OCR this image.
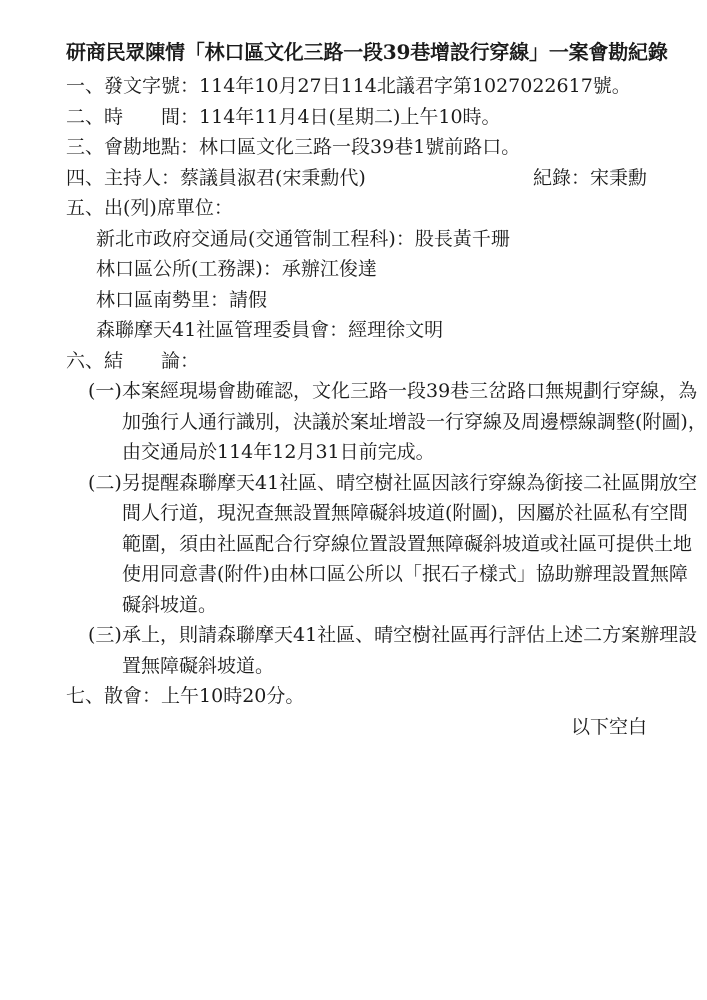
研商民眾陳情「林口區文化三路一段39巷增設行穿線」一案會勘紀錄

一、發文字號：114年10月27日114北議君字第1027022617號。

二、時　　間：114年11月4日(星期二)上午10時。

三、會勘地點：林口區文化三路一段39巷1號前路口。

四、主持人：蔡議員淑君(宋秉勳代)	紀錄：宋秉勳

五、出(列)席單位：

新北市政府交通局(交通管制工程科)：股長黃千珊

林口區公所(工務課)：承辦江俊達

林口區南勢里：請假

森聯摩天41社區管理委員會：經理徐文明

六、結　　論：

(一)本案經現場會勘確認，文化三路一段39巷三岔路口無規劃行穿線，為

加強行人通行識別，決議於案址增設一行穿線及周邊標線調整(附圖)，

由交通局於114年12月31日前完成。

(二)另提醒森聯摩天41社區、晴空樹社區因該行穿線為銜接二社區開放空

間人行道，現況查無設置無障礙斜坡道(附圖)，因屬於社區私有空間

範圍，須由社區配合行穿線位置設置無障礙斜坡道或社區可提供土地

使用同意書(附件)由林口區公所以「抿石子樣式」協助辦理設置無障

礙斜坡道。

(三)承上，則請森聯摩天41社區、晴空樹社區再行評估上述二方案辦理設

置無障礙斜坡道。

七、散會：上午10時20分。

以下空白
